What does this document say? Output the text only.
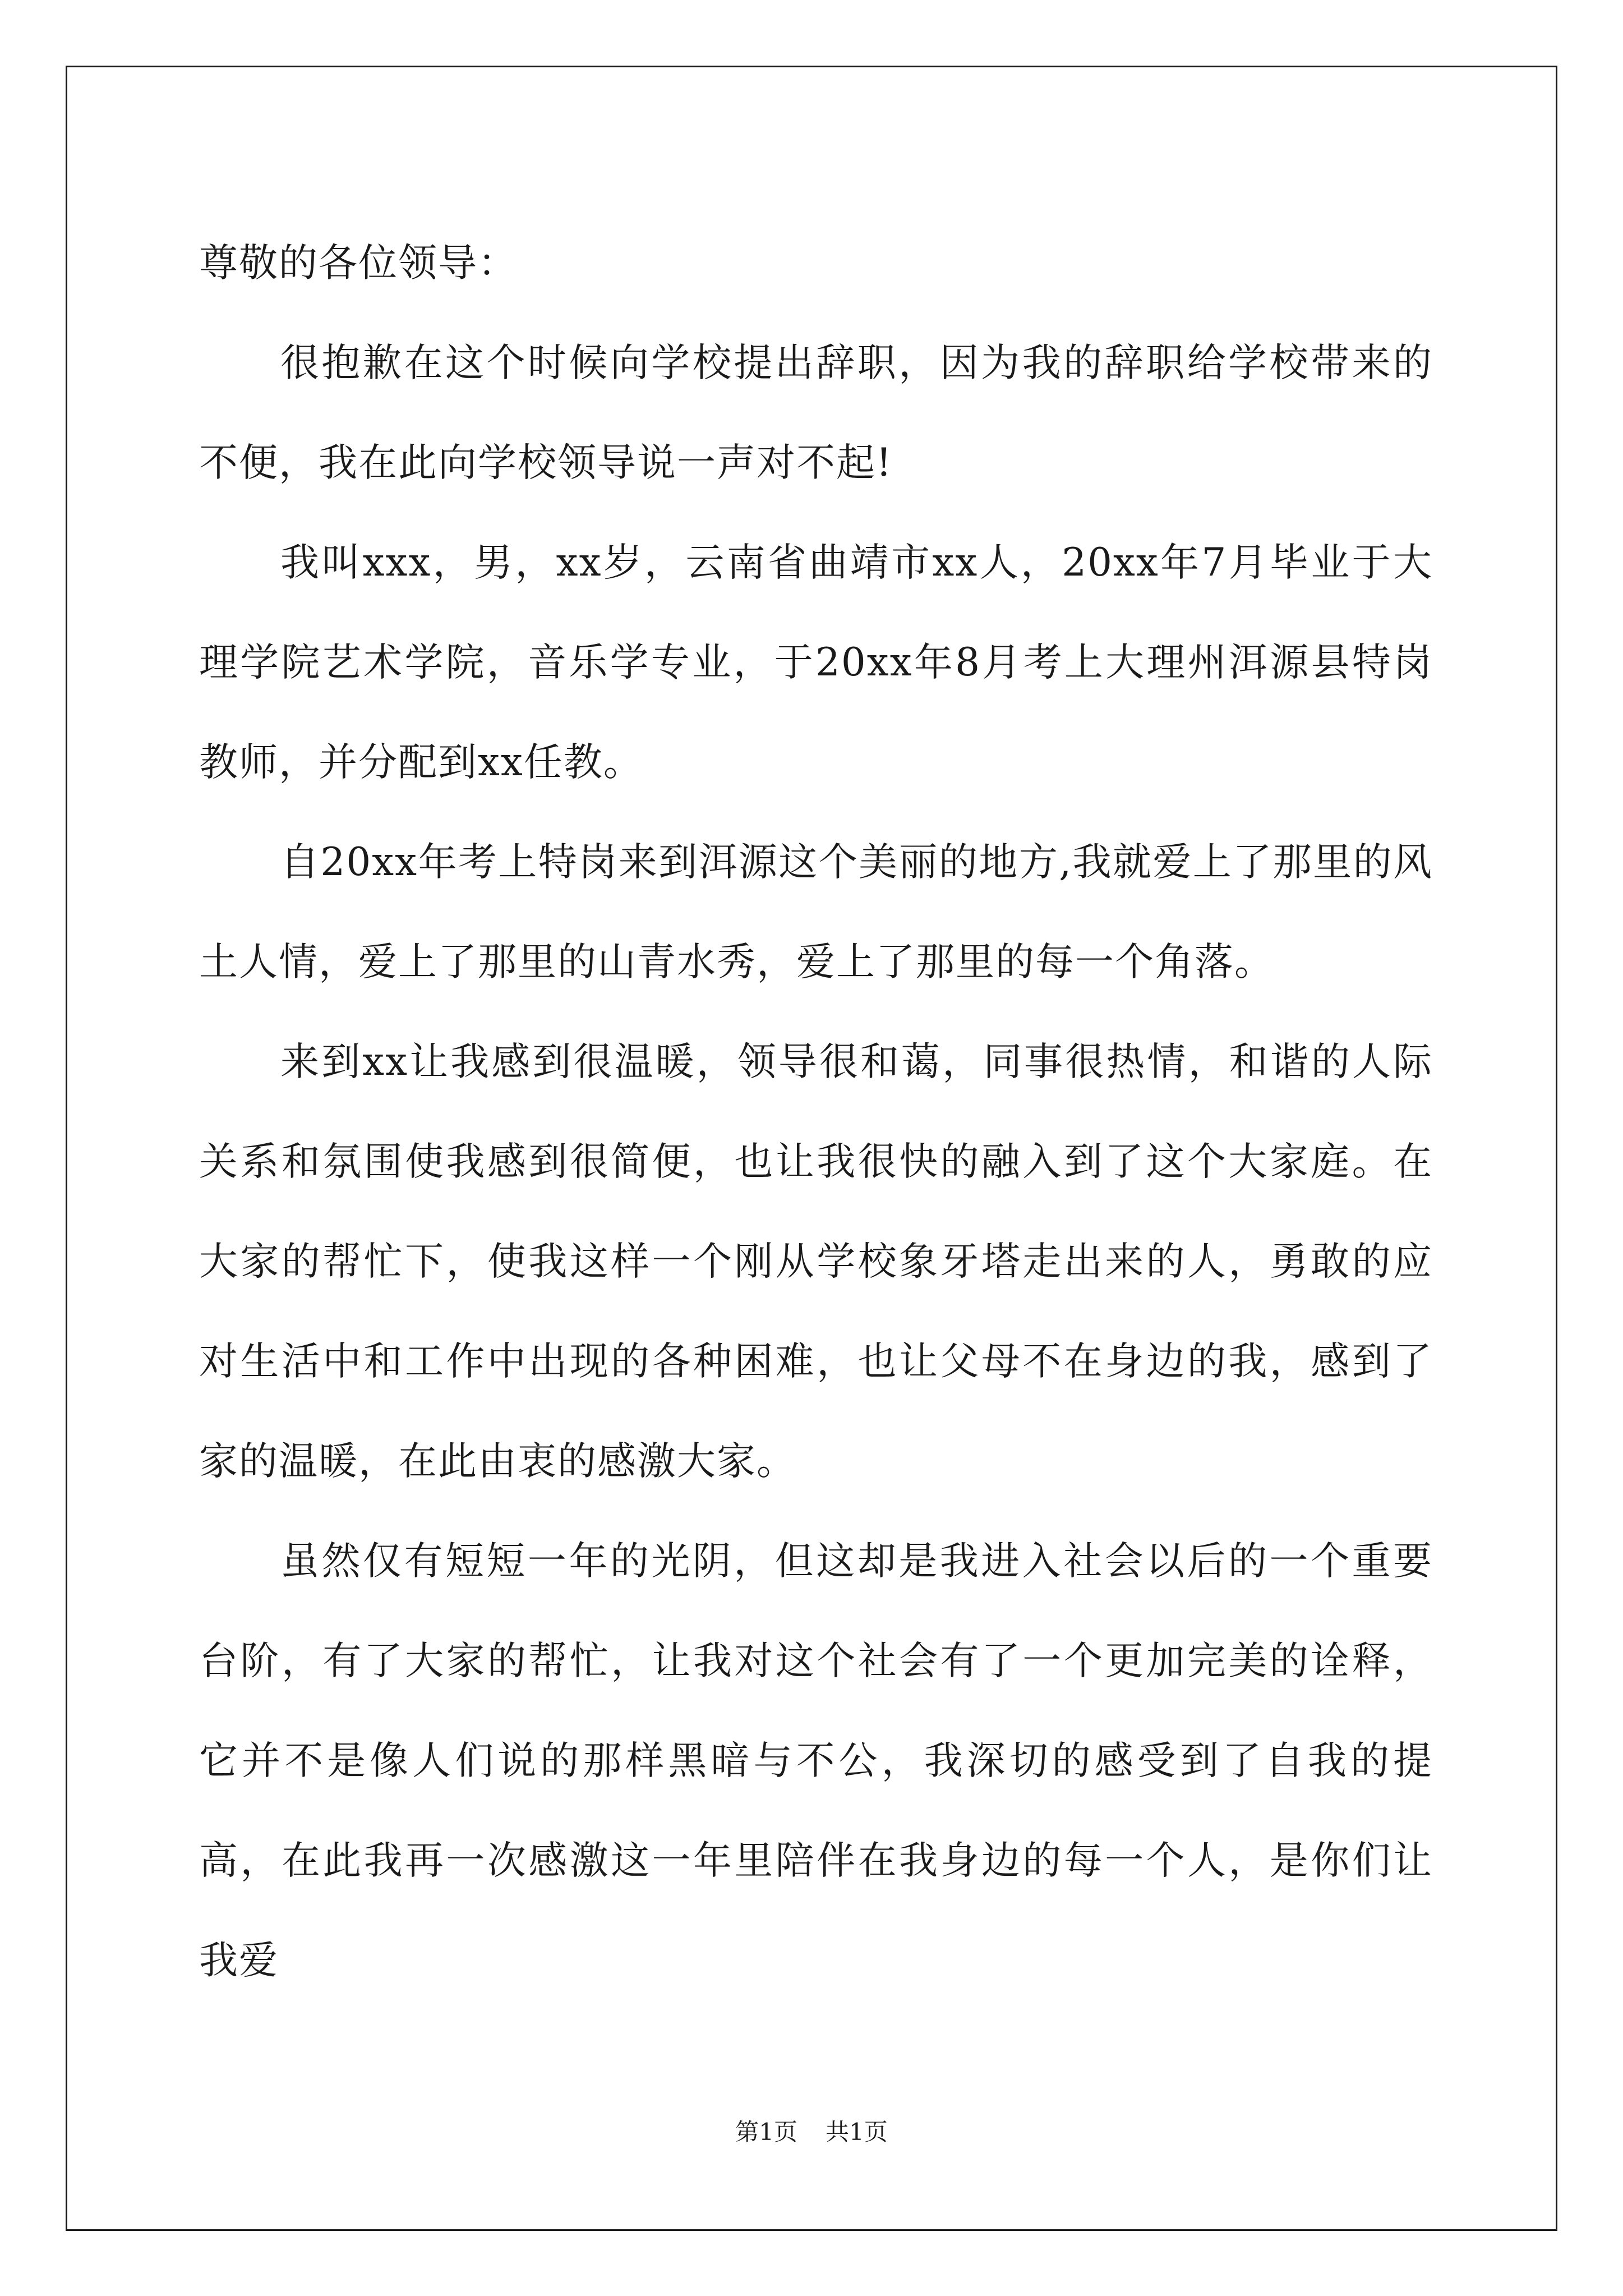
尊敬的各位领导：

很抱歉在这个时候向学校提出辞职，因为我的辞职给学校带来的不便，我在此向学校领导说一声对不起!

我叫xxx，男，xx岁，云南省曲靖市xx人，20xx年7月毕业于大理学院艺术学院，音乐学专业，于20xx年8月考上大理州洱源县特岗教师，并分配到xx任教。

自20xx年考上特岗来到洱源这个美丽的地方,我就爱上了那里的风土人情，爱上了那里的山青水秀，爱上了那里的每一个角落。

来到xx让我感到很温暖，领导很和蔼，同事很热情，和谐的人际关系和氛围使我感到很简便，也让我很快的融入到了这个大家庭。在大家的帮忙下，使我这样一个刚从学校象牙塔走出来的人，勇敢的应对生活中和工作中出现的各种困难，也让父母不在身边的我，感到了家的温暖，在此由衷的感激大家。

虽然仅有短短一年的光阴，但这却是我进入社会以后的一个重要台阶，有了大家的帮忙，让我对这个社会有了一个更加完美的诠释，它并不是像人们说的那样黑暗与不公，我深切的感受到了自我的提高，在此我再一次感激这一年里陪伴在我身边的每一个人，是你们让我爱

第1页 共1页
